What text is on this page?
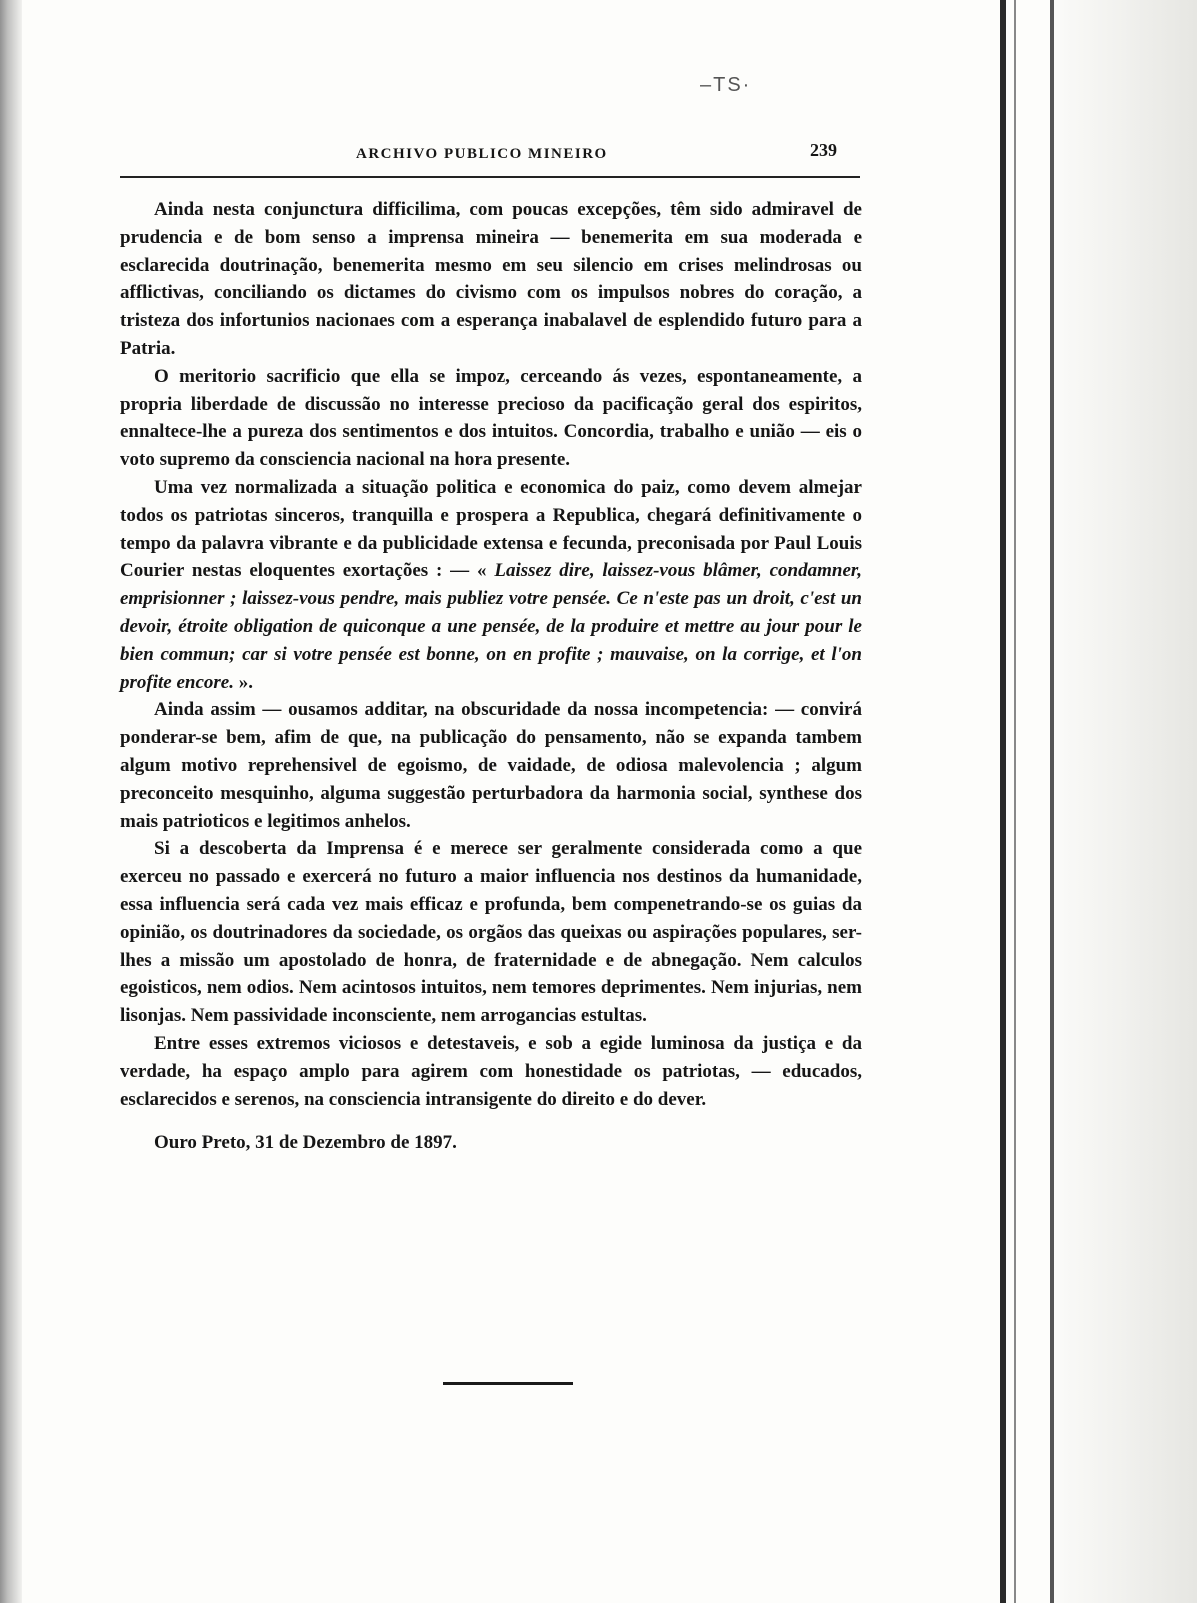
–TS·
ARCHIVO PUBLICO MINEIRO	239

Ainda nesta conjunctura difficilima, com poucas excepções, têm sido admiravel de prudencia e de bom senso a imprensa mineira — benemerita em sua moderada e esclarecida doutrinação, benemerita mesmo em seu silencio em crises melindrosas ou afflictivas, conciliando os dictames do civismo com os impulsos nobres do coração, a tristeza dos infortunios nacionaes com a esperança inabalavel de esplendido futuro para a Patria.

O meritorio sacrificio que ella se impoz, cerceando ás vezes, espontaneamente, a propria liberdade de discussão no interesse precioso da pacificação geral dos espiritos, ennaltece-lhe a pureza dos sentimentos e dos intuitos. Concordia, trabalho e união — eis o voto supremo da consciencia nacional na hora presente.

Uma vez normalizada a situação politica e economica do paiz, como devem almejar todos os patriotas sinceros, tranquilla e prospera a Republica, chegará definitivamente o tempo da palavra vibrante e da publicidade extensa e fecunda, preconisada por Paul Louis Courier nestas eloquentes exortações : — « Laissez dire, laissez-vous blâmer, condamner, emprisionner ; laissez-vous pendre, mais publiez votre pensée. Ce n'este pas un droit, c'est un devoir, étroite obligation de quiconque a une pensée, de la produire et mettre au jour pour le bien commun; car si votre pensée est bonne, on en profite ; mauvaise, on la corrige, et l'on profite encore. ».

Ainda assim — ousamos additar, na obscuridade da nossa incompetencia: — convirá ponderar-se bem, afim de que, na publicação do pensamento, não se expanda tambem algum motivo reprehensivel de egoismo, de vaidade, de odiosa malevolencia ; algum preconceito mesquinho, alguma suggestão perturbadora da harmonia social, synthese dos mais patrioticos e legitimos anhelos.

Si a descoberta da Imprensa é e merece ser geralmente considerada como a que exerceu no passado e exercerá no futuro a maior influencia nos destinos da humanidade, essa influencia será cada vez mais efficaz e profunda, bem compenetrando-se os guias da opinião, os doutrinadores da sociedade, os orgãos das queixas ou aspirações populares, ser-lhes a missão um apostolado de honra, de fraternidade e de abnegação. Nem calculos egoisticos, nem odios. Nem acintosos intuitos, nem temores deprimentes. Nem injurias, nem lisonjas. Nem passividade inconsciente, nem arrogancias estultas.

Entre esses extremos viciosos e detestaveis, e sob a egide luminosa da justiça e da verdade, ha espaço amplo para agirem com honestidade os patriotas, — educados, esclarecidos e serenos, na consciencia intransigente do direito e do dever.

Ouro Preto, 31 de Dezembro de 1897.
